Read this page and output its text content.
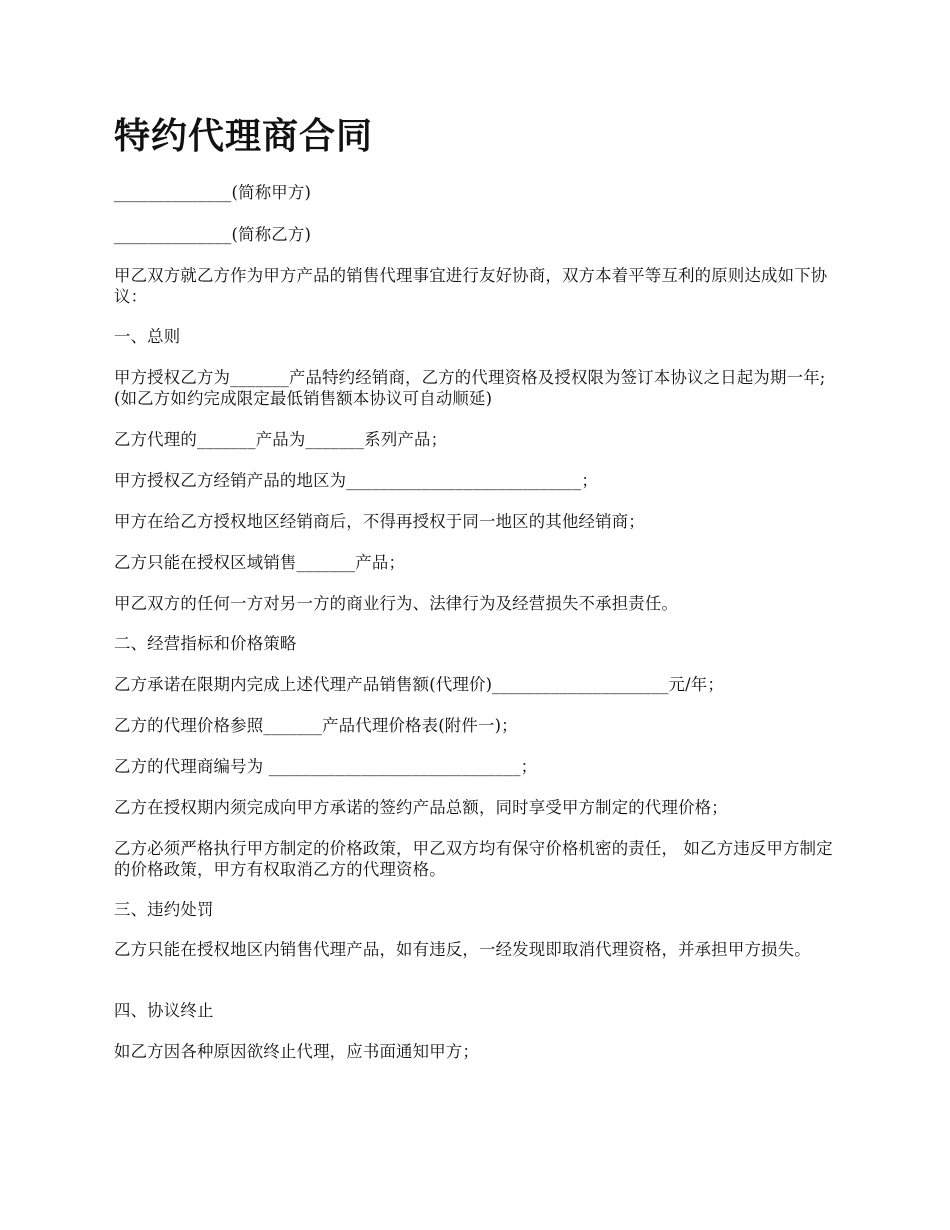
特约代理商合同

______________(简称甲方)

______________(简称乙方)

甲乙双方就乙方作为甲方产品的销售代理事宜进行友好协商，双方本着平等互利的原则达成如下协议：

一、总则

甲方授权乙方为_______产品特约经销商，乙方的代理资格及授权限为签订本协议之日起为期一年;(如乙方如约完成限定最低销售额本协议可自动顺延)

乙方代理的_______产品为_______系列产品；

甲方授权乙方经销产品的地区为____________________________；

甲方在给乙方授权地区经销商后，不得再授权于同一地区的其他经销商；

乙方只能在授权区域销售_______产品；

甲乙双方的任何一方对另一方的商业行为、法律行为及经营损失不承担责任。

二、经营指标和价格策略

乙方承诺在限期内完成上述代理产品销售额(代理价)_____________________元/年；

乙方的代理价格参照_______产品代理价格表(附件一)；

乙方的代理商编号为 ______________________________；

乙方在授权期内须完成向甲方承诺的签约产品总额，同时享受甲方制定的代理价格；

乙方必须严格执行甲方制定的价格政策，甲乙双方均有保守价格机密的责任， 如乙方违反甲方制定的价格政策，甲方有权取消乙方的代理资格。

三、违约处罚

乙方只能在授权地区内销售代理产品，如有违反，一经发现即取消代理资格，并承担甲方损失。

四、协议终止

如乙方因各种原因欲终止代理，应书面通知甲方；
